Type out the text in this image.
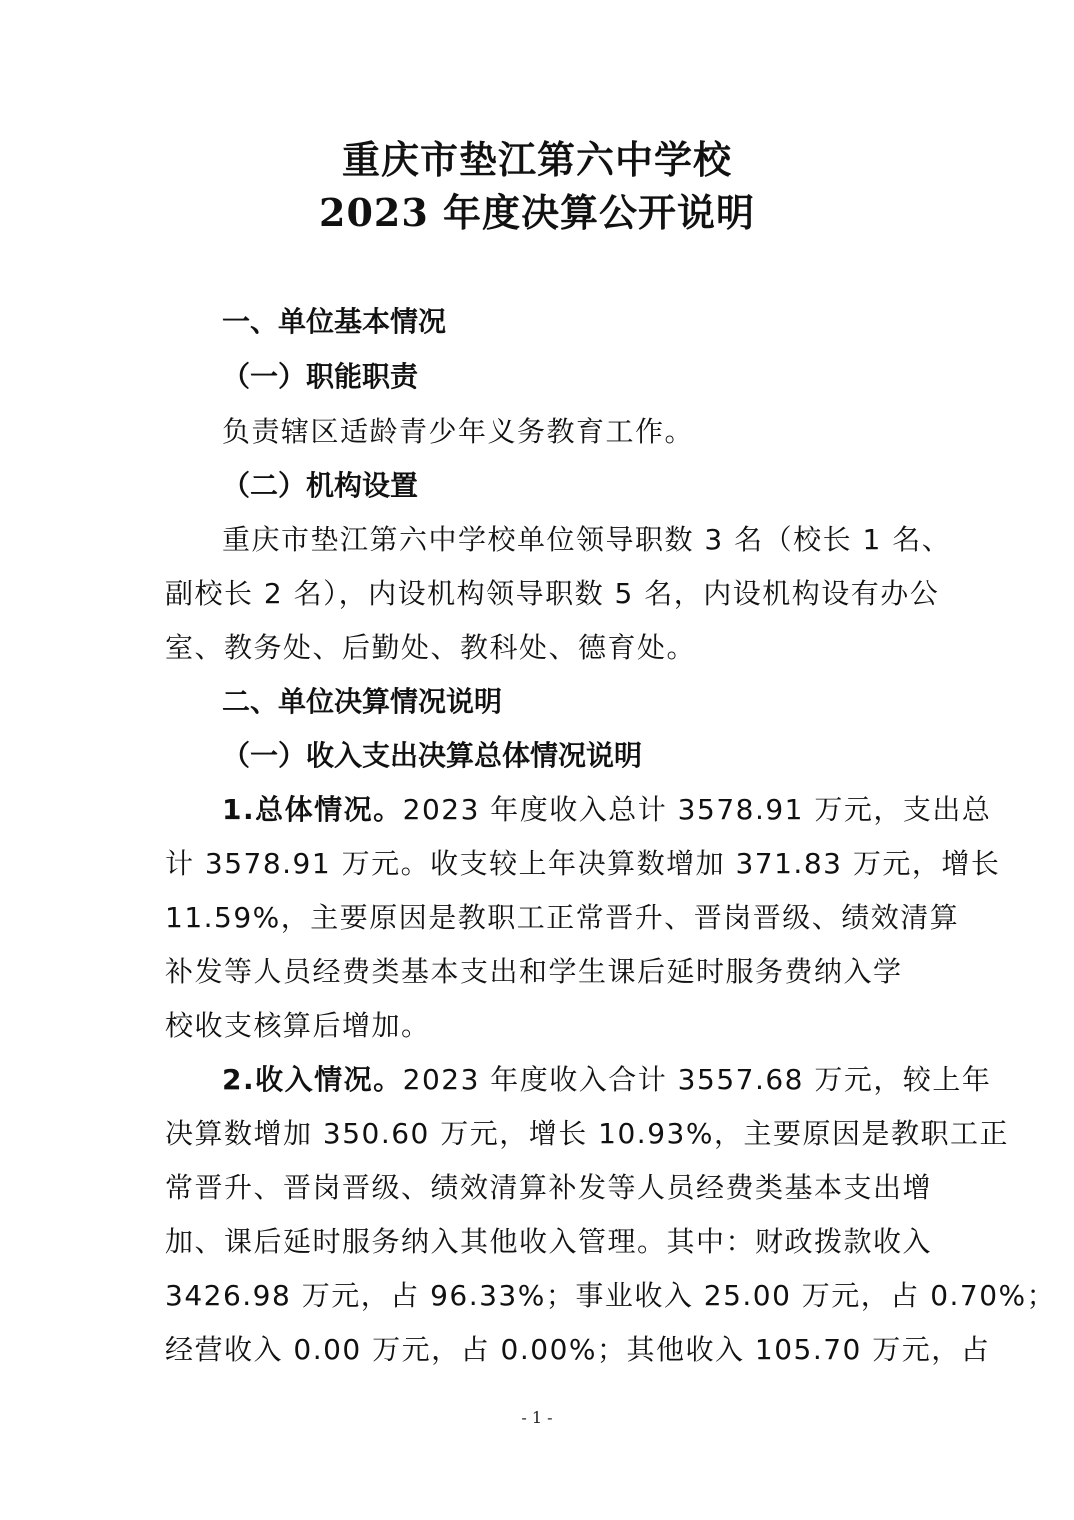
重庆市垫江第六中学校
2023 年度决算公开说明
一、单位基本情况
（一）职能职责
负责辖区适龄青少年义务教育工作。
（二）机构设置
重庆市垫江第六中学校单位领导职数 3 名（校长 1 名、
副校长 2 名），内设机构领导职数 5 名，内设机构设有办公
室、教务处、后勤处、教科处、德育处。
二、单位决算情况说明
（一）收入支出决算总体情况说明
1.总体情况。2023 年度收入总计 3578.91 万元，支出总
计 3578.91 万元。收支较上年决算数增加 371.83 万元，增长
11.59%，主要原因是教职工正常晋升、晋岗晋级、绩效清算
补发等人员经费类基本支出和学生课后延时服务费纳入学
校收支核算后增加。
2.收入情况。2023 年度收入合计 3557.68 万元，较上年
决算数增加 350.60 万元，增长 10.93%，主要原因是教职工正
常晋升、晋岗晋级、绩效清算补发等人员经费类基本支出增
加、课后延时服务纳入其他收入管理。其中：财政拨款收入
3426.98 万元，占 96.33%；事业收入 25.00 万元，占 0.70%；
经营收入 0.00 万元，占 0.00%；其他收入 105.70 万元，占
- 1 -
